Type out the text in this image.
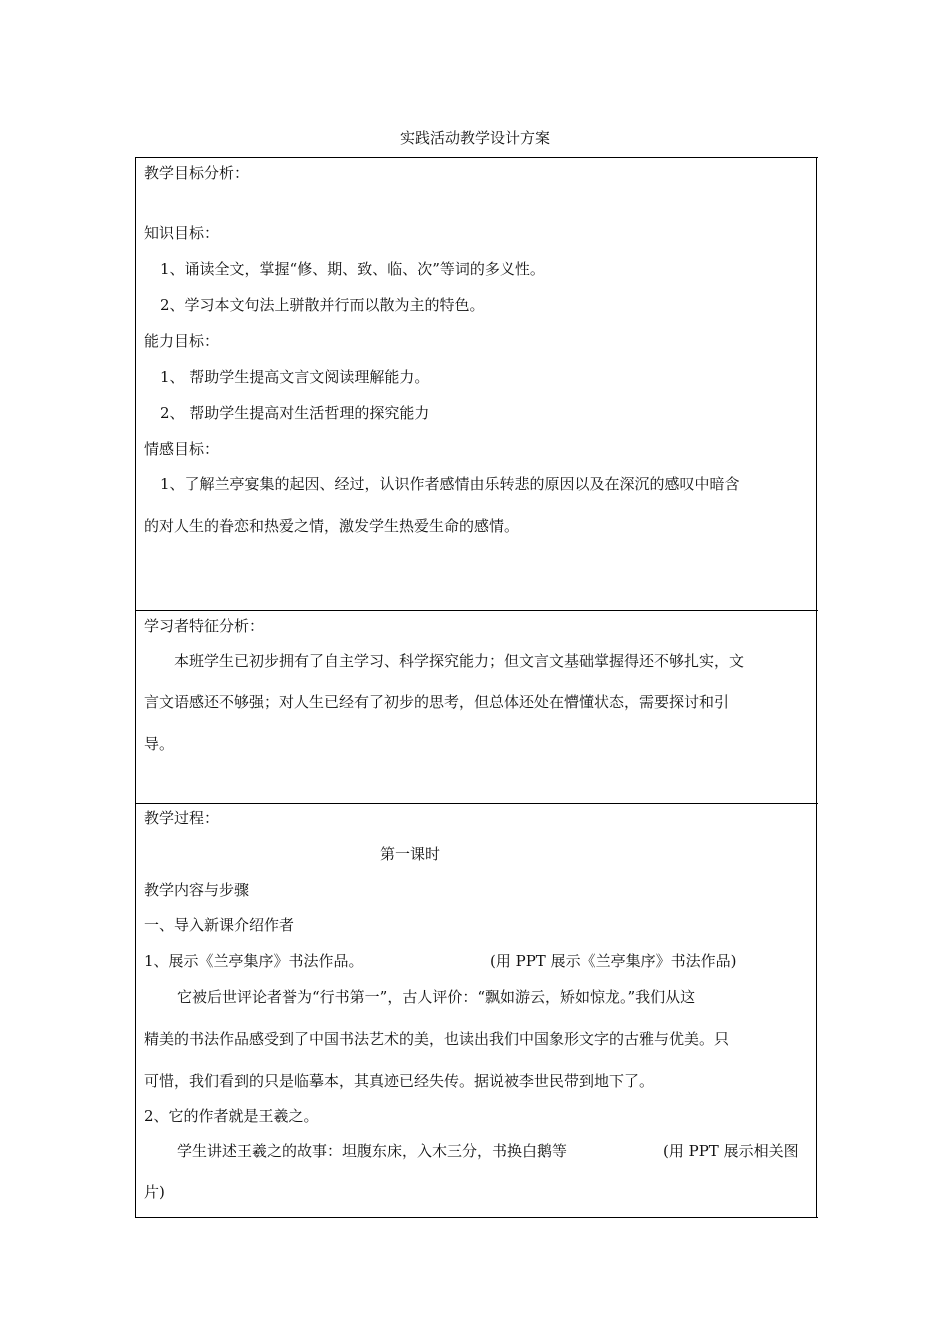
实践活动教学设计方案
教学目标分析：
知识目标：
1、诵读全文，掌握“修、期、致、临、次”等词的多义性。
2、学习本文句法上骈散并行而以散为主的特色。
能力目标：
1、 帮助学生提高文言文阅读理解能力。
2、 帮助学生提高对生活哲理的探究能力
情感目标：
1、了解兰亭宴集的起因、经过，认识作者感情由乐转悲的原因以及在深沉的感叹中暗含
的对人生的眷恋和热爱之情，激发学生热爱生命的感情。
学习者特征分析：
本班学生已初步拥有了自主学习、科学探究能力；但文言文基础掌握得还不够扎实，文
言文语感还不够强；对人生已经有了初步的思考，但总体还处在懵懂状态，需要探讨和引
导。
教学过程：
第一课时
教学内容与步骤
一、导入新课介绍作者
1、展示《兰亭集序》书法作品。	(用 PPT 展示《兰亭集序》书法作品)
它被后世评论者誉为“行书第一”，古人评价：“飘如游云，矫如惊龙。”我们从这
精美的书法作品感受到了中国书法艺术的美，也读出我们中国象形文字的古雅与优美。只
可惜，我们看到的只是临摹本，其真迹已经失传。据说被李世民带到地下了。
2、它的作者就是王羲之。
学生讲述王羲之的故事：坦腹东床，入木三分，书换白鹅等	(用 PPT 展示相关图
片)
